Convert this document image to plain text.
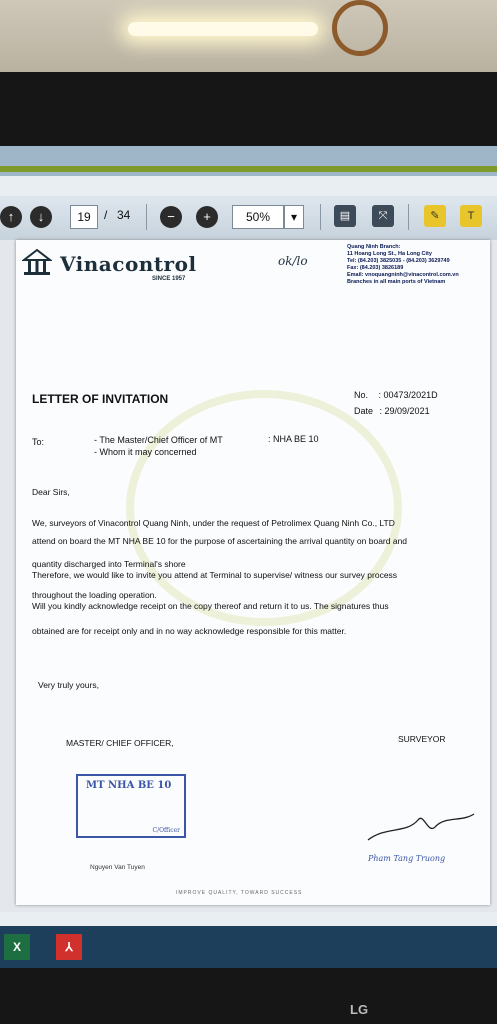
↑	↓	19	/ 34	−	+	50%	▾	▤	⤧	✎	T
Vinacontrol
SINCE 1957
ok/lo
Quang Ninh Branch:
11 Hoang Long St., Ha Long City
Tel: (84.203) 3825035 - (84.203) 3629749
Fax: (84.203) 3826189
Email: vnoquangninh@vinacontrol.com.vn
Branches in all main ports of Vietnam
LETTER OF INVITATION	No. : 00473/2021D
Date : 29/09/2021
To:	- The Master/Chief Officer of MT
- Whom it may concerned
: NHA BE 10
Dear Sirs,
We, surveyors of Vinacontrol Quang Ninh, under the request of Petrolimex Quang Ninh Co., LTD
attend on board the MT NHA BE 10 for the purpose of ascertaining the arrival quantity on board and
quantity discharged into Terminal's shore
Therefore, we would like to invite you attend at Terminal to supervise/ witness our survey process
throughout the loading operation.
Will you kindly acknowledge receipt on the copy thereof and return it to us. The signatures thus
obtained are for receipt only and in no way acknowledge responsible for this matter.
Very truly yours,
MASTER/ CHIEF OFFICER,	SURVEYOR
MT NHA BE 10
C/Officer
Nguyen Van Tuyen
Pham Tang Truong
IMPROVE QUALITY, TOWARD SUCCESS
X	⅄
LG
